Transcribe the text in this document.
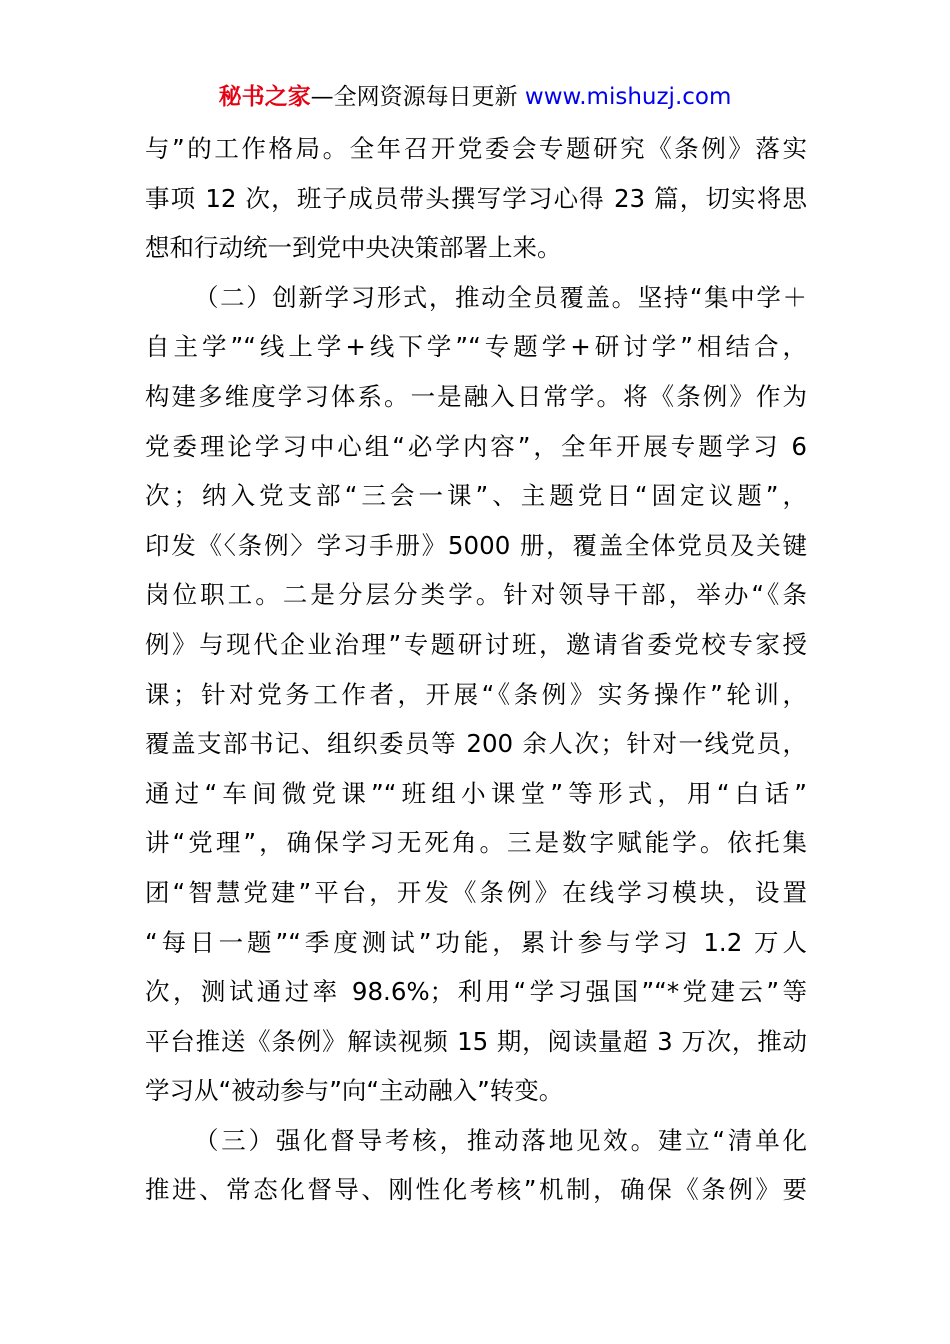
秘书之家—全网资源每日更新 www.mishuzj.com
与”的工作格局。全年召开党委会专题研究《条例》落实
事项 12 次，班子成员带头撰写学习心得 23 篇，切实将思
想和行动统一到党中央决策部署上来。
（二）创新学习形式，推动全员覆盖。坚持“集中学＋
自主学”“线上学+线下学”“专题学+研讨学”相结合，
构建多维度学习体系。一是融入日常学。将《条例》作为
党委理论学习中心组“必学内容”，全年开展专题学习 6
次；纳入党支部“三会一课”、主题党日“固定议题”，
印发《〈条例〉学习手册》5000 册，覆盖全体党员及关键
岗位职工。二是分层分类学。针对领导干部，举办“《条
例》与现代企业治理”专题研讨班，邀请省委党校专家授
课；针对党务工作者，开展“《条例》实务操作”轮训，
覆盖支部书记、组织委员等 200 余人次；针对一线党员，
通过“车间微党课”“班组小课堂”等形式，用“白话”
讲“党理”，确保学习无死角。三是数字赋能学。依托集
团“智慧党建”平台，开发《条例》在线学习模块，设置
“每日一题”“季度测试”功能，累计参与学习 1.2 万人
次，测试通过率 98.6%；利用“学习强国”“*党建云”等
平台推送《条例》解读视频 15 期，阅读量超 3 万次，推动
学习从“被动参与”向“主动融入”转变。
（三）强化督导考核，推动落地见效。建立“清单化
推进、常态化督导、刚性化考核”机制，确保《条例》要
